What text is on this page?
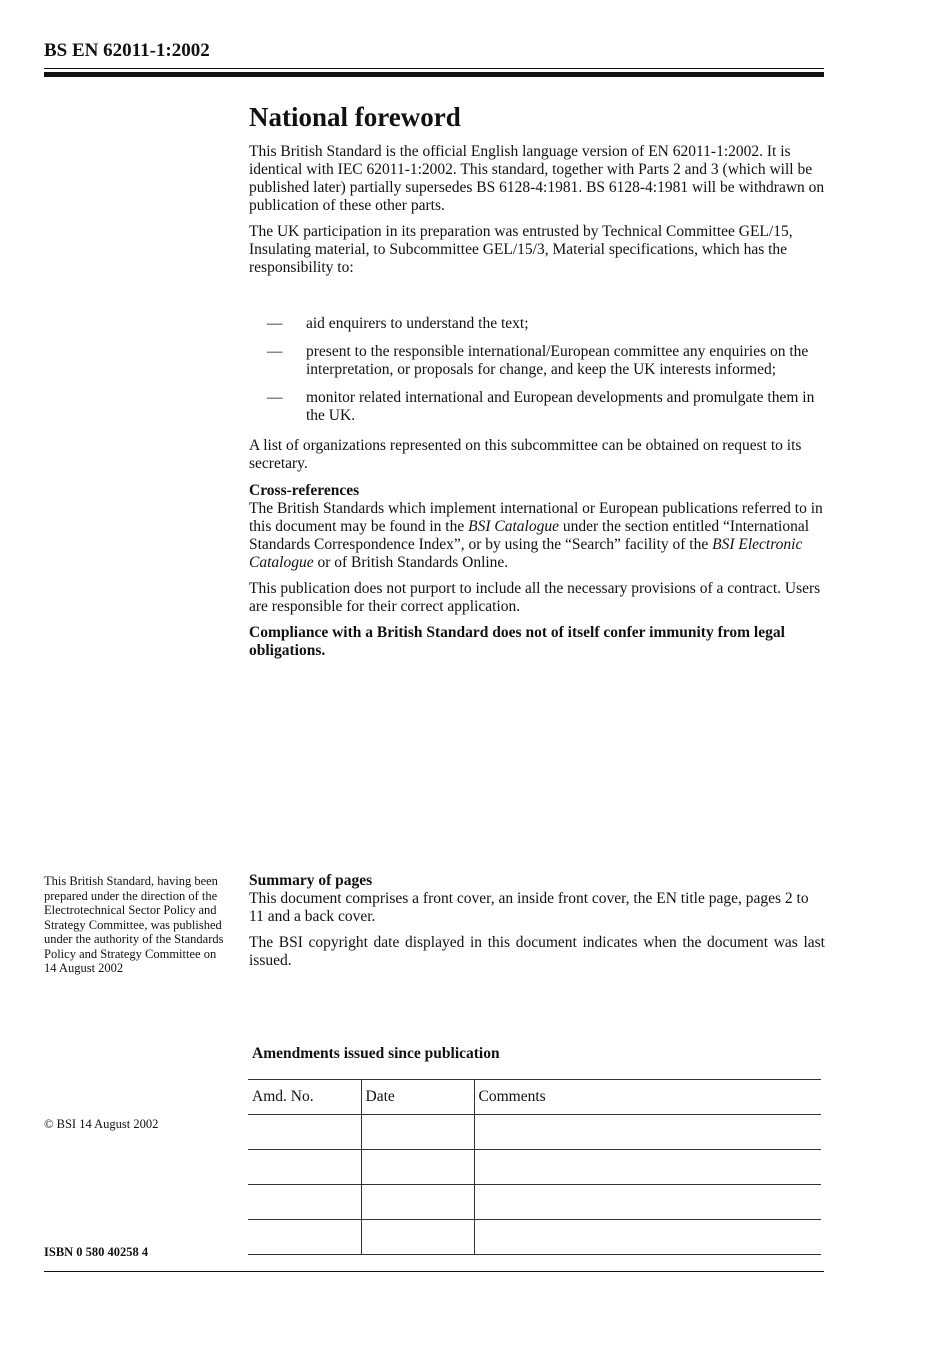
BS EN 62011-1:2002
National foreword

This British Standard is the official English language version of EN 62011-1:2002. It is identical with IEC 62011-1:2002. This standard, together with Parts 2 and 3 (which will be published later) partially supersedes BS 6128-4:1981. BS 6128-4:1981 will be withdrawn on publication of these other parts.

The UK participation in its preparation was entrusted by Technical Committee GEL/15, Insulating material, to Subcommittee GEL/15/3, Material specifications, which has the responsibility to:

— aid enquirers to understand the text;
— present to the responsible international/European committee any enquiries on the interpretation, or proposals for change, and keep the UK interests informed;
— monitor related international and European developments and promulgate them in the UK.

A list of organizations represented on this subcommittee can be obtained on request to its secretary.

Cross-references

The British Standards which implement international or European publications referred to in this document may be found in the BSI Catalogue under the section entitled “International Standards Correspondence Index”, or by using the “Search” facility of the BSI Electronic Catalogue or of British Standards Online.

This publication does not purport to include all the necessary provisions of a contract. Users are responsible for their correct application.

Compliance with a British Standard does not of itself confer immunity from legal obligations.

This British Standard, having been prepared under the direction of the Electrotechnical Sector Policy and Strategy Committee, was published under the authority of the Standards Policy and Strategy Committee on 14 August 2002
Summary of pages

This document comprises a front cover, an inside front cover, the EN title page, pages 2 to 11 and a back cover.

The BSI copyright date displayed in this document indicates when the document was last issued.

Amendments issued since publication
Amd. No.	Date	Comments

© BSI 14 August 2002
ISBN 0 580 40258 4
